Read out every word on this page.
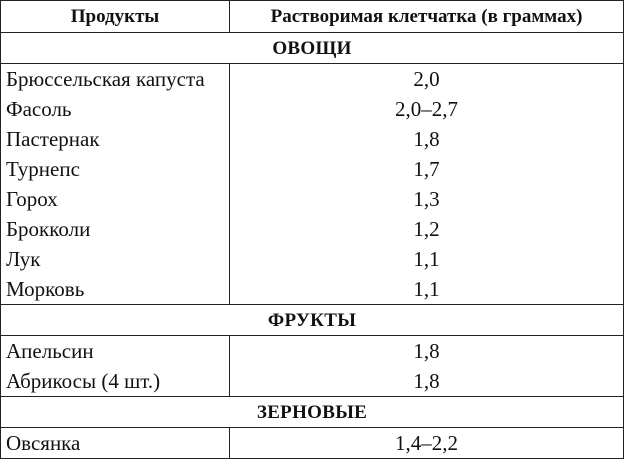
Продукты	Растворимая клетчатка (в граммах)
ОВОЩИ	
Брюссельская капуста	2,0
Фасоль	2,0–2,7
Пастернак	1,8
Турнепс	1,7
Горох	1,3
Брокколи	1,2
Лук	1,1
Морковь	1,1
ФРУКТЫ	
Апельсин	1,8
Абрикосы (4 шт.)	1,8
ЗЕРНОВЫЕ	
Овсянка	1,4–2,2
